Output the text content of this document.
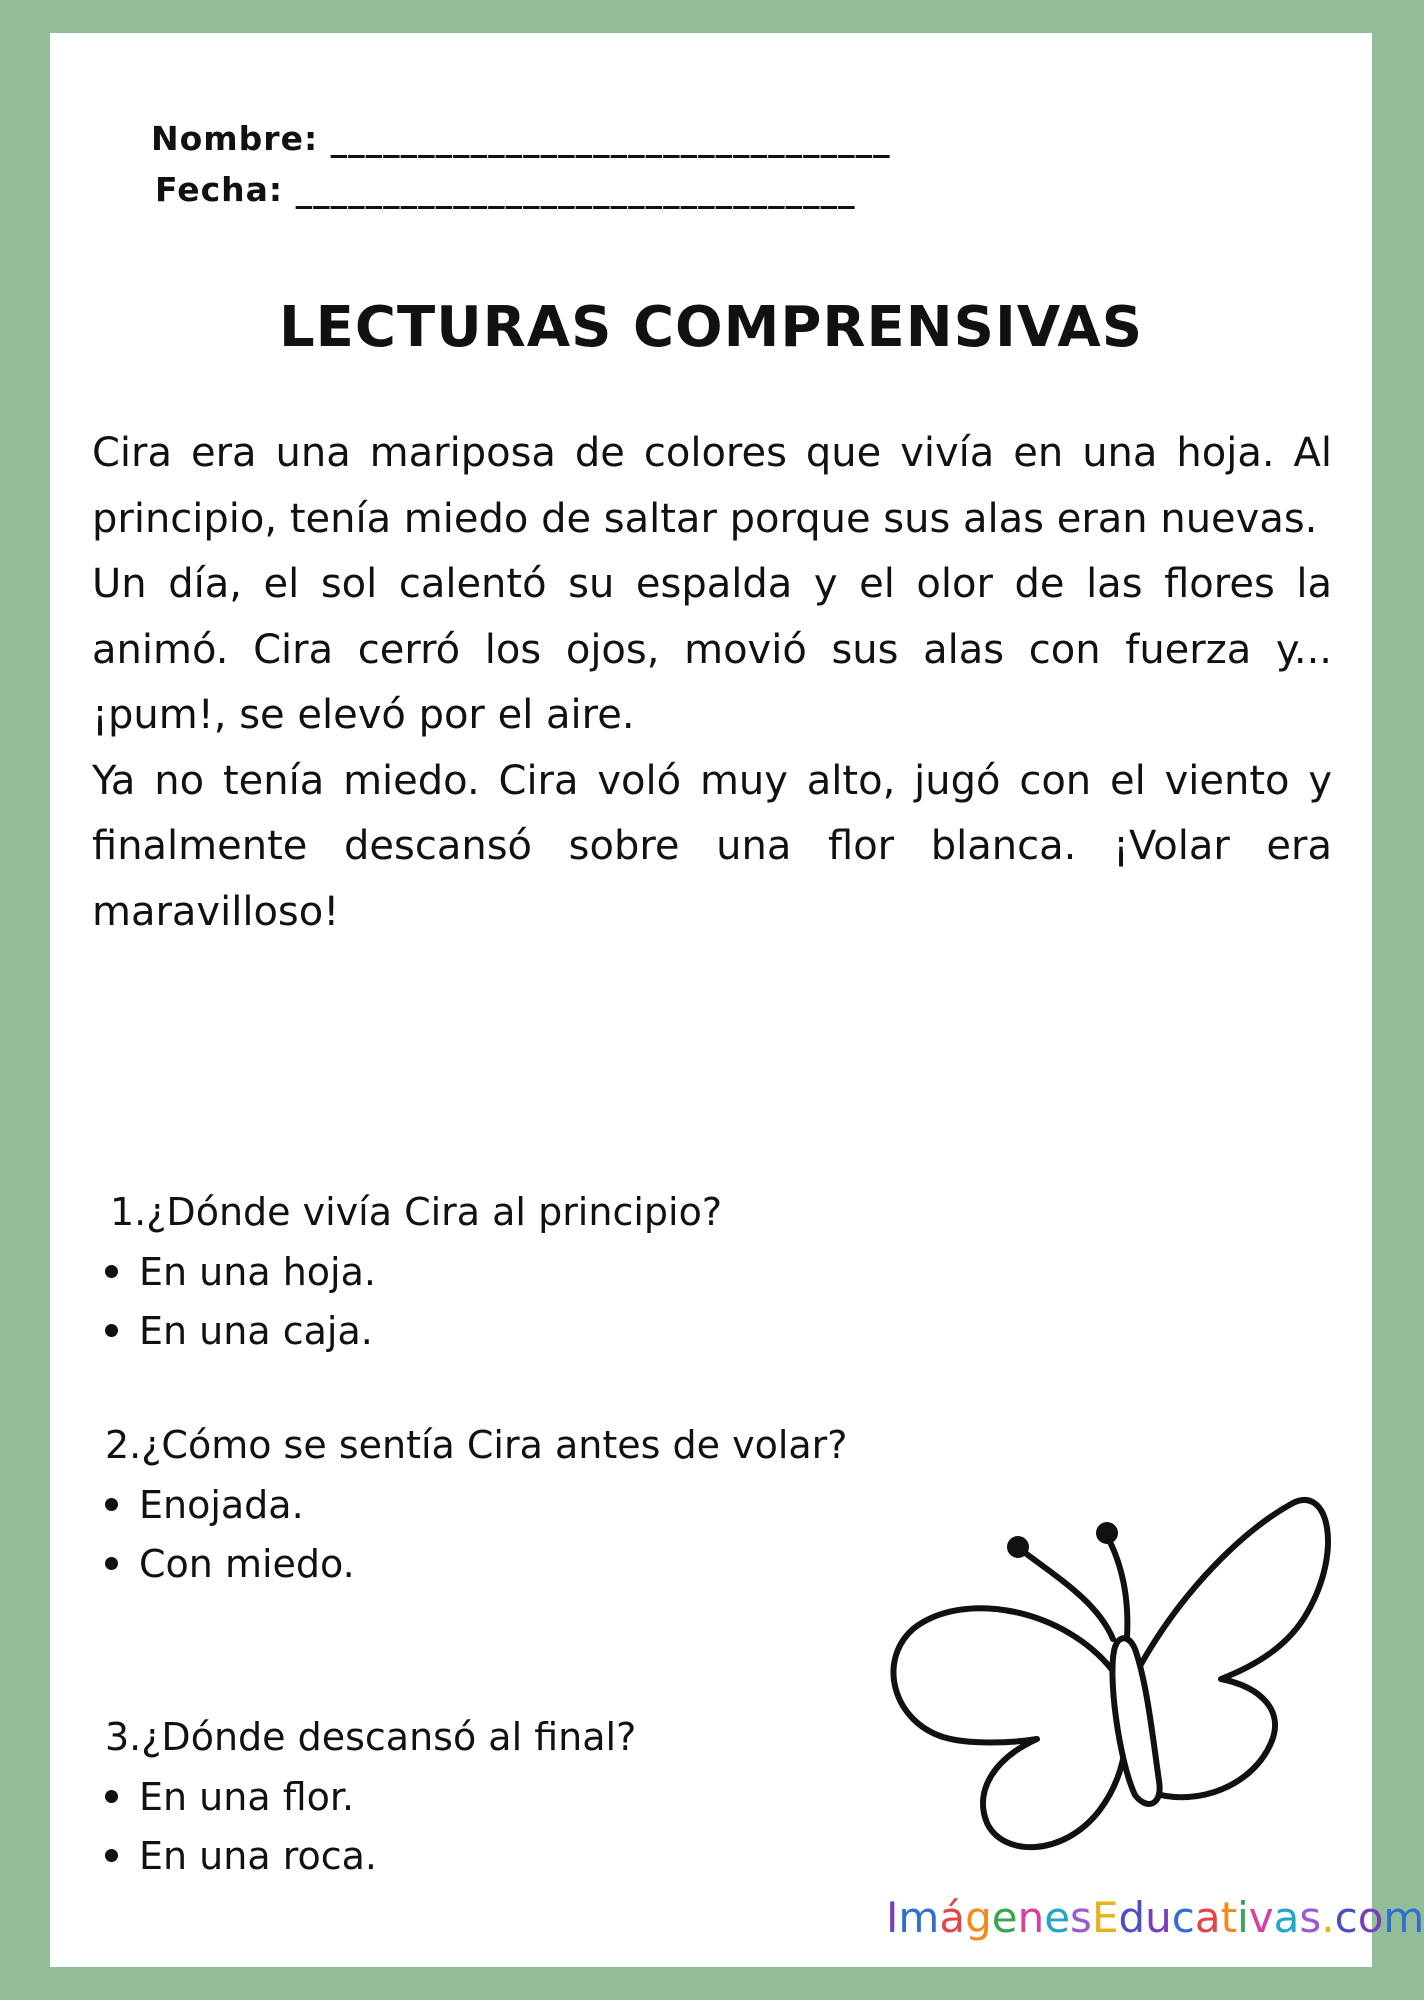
Nombre: ________________________________
Fecha: ________________________________
LECTURAS COMPRENSIVAS

Cira era una mariposa de colores que vivía en una hoja. Al principio, tenía miedo de saltar porque sus alas eran nuevas.

Un día, el sol calentó su espalda y el olor de las flores la animó. Cira cerró los ojos, movió sus alas con fuerza y... ¡pum!, se elevó por el aire.

Ya no tenía miedo. Cira voló muy alto, jugó con el viento y finalmente descansó sobre una flor blanca. ¡Volar era maravilloso!

1.¿Dónde vivía Cira al principio?
En una hoja.
En una caja.
2.¿Cómo se sentía Cira antes de volar?
Enojada.
Con miedo.
3.¿Dónde descansó al final?
En una flor.
En una roca.
ImágenesEducativas.com
